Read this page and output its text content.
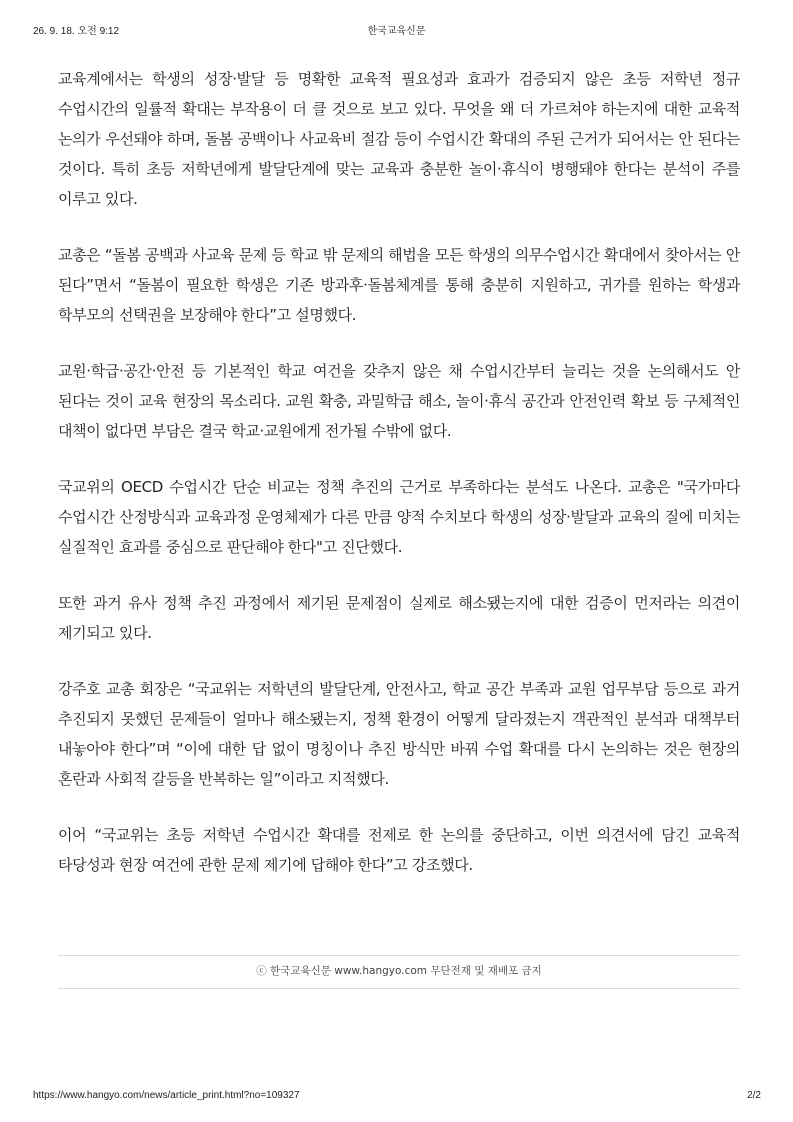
26. 9. 18. 오전 9:12	한국교육신문

교육계에서는 학생의 성장·발달 등 명확한 교육적 필요성과 효과가 검증되지 않은 초등 저학년 정규 수업시간의 일률적 확대는 부작용이 더 클 것으로 보고 있다. 무엇을 왜 더 가르쳐야 하는지에 대한 교육적 논의가 우선돼야 하며, 돌봄 공백이나 사교육비 절감 등이 수업시간 확대의 주된 근거가 되어서는 안 된다는 것이다. 특히 초등 저학년에게 발달단계에 맞는 교육과 충분한 놀이·휴식이 병행돼야 한다는 분석이 주를 이루고 있다.

교총은 “돌봄 공백과 사교육 문제 등 학교 밖 문제의 해법을 모든 학생의 의무수업시간 확대에서 찾아서는 안 된다”면서 “돌봄이 필요한 학생은 기존 방과후·돌봄체계를 통해 충분히 지원하고, 귀가를 원하는 학생과 학부모의 선택권을 보장해야 한다”고 설명했다.

교원·학급·공간·안전 등 기본적인 학교 여건을 갖추지 않은 채 수업시간부터 늘리는 것을 논의해서도 안 된다는 것이 교육 현장의 목소리다. 교원 확충, 과밀학급 해소, 놀이·휴식 공간과 안전인력 확보 등 구체적인 대책이 없다면 부담은 결국 학교·교원에게 전가될 수밖에 없다.

국교위의 OECD 수업시간 단순 비교는 정책 추진의 근거로 부족하다는 분석도 나온다. 교총은 "국가마다 수업시간 산정방식과 교육과정 운영체제가 다른 만큼 양적 수치보다 학생의 성장·발달과 교육의 질에 미치는 실질적인 효과를 중심으로 판단해야 한다"고 진단했다.

또한 과거 유사 정책 추진 과정에서 제기된 문제점이 실제로 해소됐는지에 대한 검증이 먼저라는 의견이 제기되고 있다.

강주호 교총 회장은 “국교위는 저학년의 발달단계, 안전사고, 학교 공간 부족과 교원 업무부담 등으로 과거 추진되지 못했던 문제들이 얼마나 해소됐는지, 정책 환경이 어떻게 달라졌는지 객관적인 분석과 대책부터 내놓아야 한다”며 “이에 대한 답 없이 명칭이나 추진 방식만 바꿔 수업 확대를 다시 논의하는 것은 현장의 혼란과 사회적 갈등을 반복하는 일”이라고 지적했다.

이어 “국교위는 초등 저학년 수업시간 확대를 전제로 한 논의를 중단하고, 이번 의견서에 담긴 교육적 타당성과 현장 여건에 관한 문제 제기에 답해야 한다”고 강조했다.

ⓒ 한국교육신문 www.hangyo.com 무단전재 및 재배포 금지
https://www.hangyo.com/news/article_print.html?no=109327	2/2
